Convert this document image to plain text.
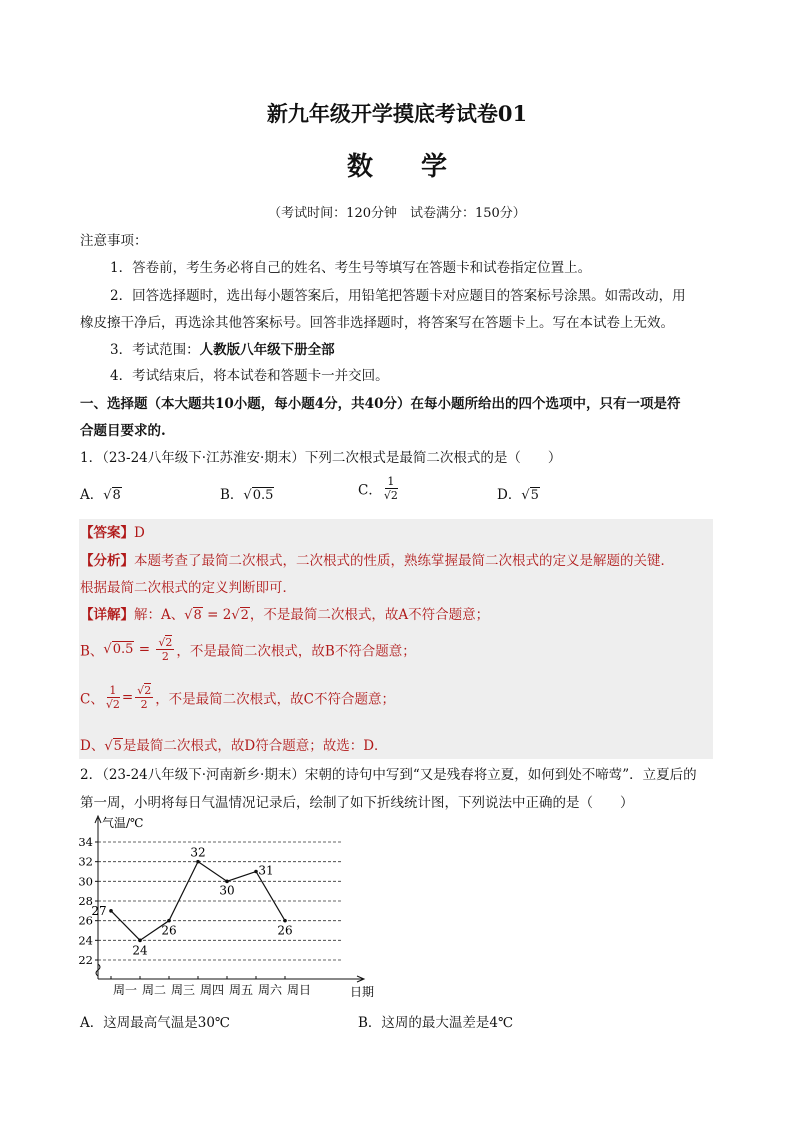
新九年级开学摸底考试卷01
数学
（考试时间：120分钟　试卷满分：150分）
注意事项：
1．答卷前，考生务必将自己的姓名、考生号等填写在答题卡和试卷指定位置上。
2．回答选择题时，选出每小题答案后，用铅笔把答题卡对应题目的答案标号涂黑。如需改动，用
橡皮擦干净后，再选涂其他答案标号。回答非选择题时，将答案写在答题卡上。写在本试卷上无效。
3．考试范围：人教版八年级下册全部
4．考试结束后，将本试卷和答题卡一并交回。
一、选择题（本大题共10小题，每小题4分，共40分）在每小题所给出的四个选项中，只有一项是符
合题目要求的.
1．（23-24八年级下·江苏淮安·期末）下列二次根式是最简二次根式的是（　　）
A．√8	B．√0.5	C． $\frac{1}{√2}$	D．√5
【答案】D
【分析】本题考查了最简二次根式，二次根式的性质，熟练掌握最简二次根式的定义是解题的关键．
根据最简二次根式的定义判断即可．
【详解】解：A、√8 = 2√2，不是最简二次根式，故A不符合题意；
B、$√0.5 = \frac{√2}{2}$ ，不是最简二次根式，故B不符合题意；
C、 $\frac{1}{√2} = \frac{√2}{2}$ ，不是最简二次根式，故C不符合题意；
D、√5是最简二次根式，故D符合题意；故选：D．
2．（23-24八年级下·河南新乡·期末）宋朝的诗句中写到“又是残春将立夏，如何到处不啼莺”．立夏后的
第一周，小明将每日气温情况记录后，绘制了如下折线统计图，下列说法中正确的是（　　）
气温/℃
日期
22
24
26
28
30
32
34
周一 周二 周三 周四 周五 周六 周日
27
24
26
32
30
31
26
A．这周最高气温是30℃	B．这周的最大温差是4℃
